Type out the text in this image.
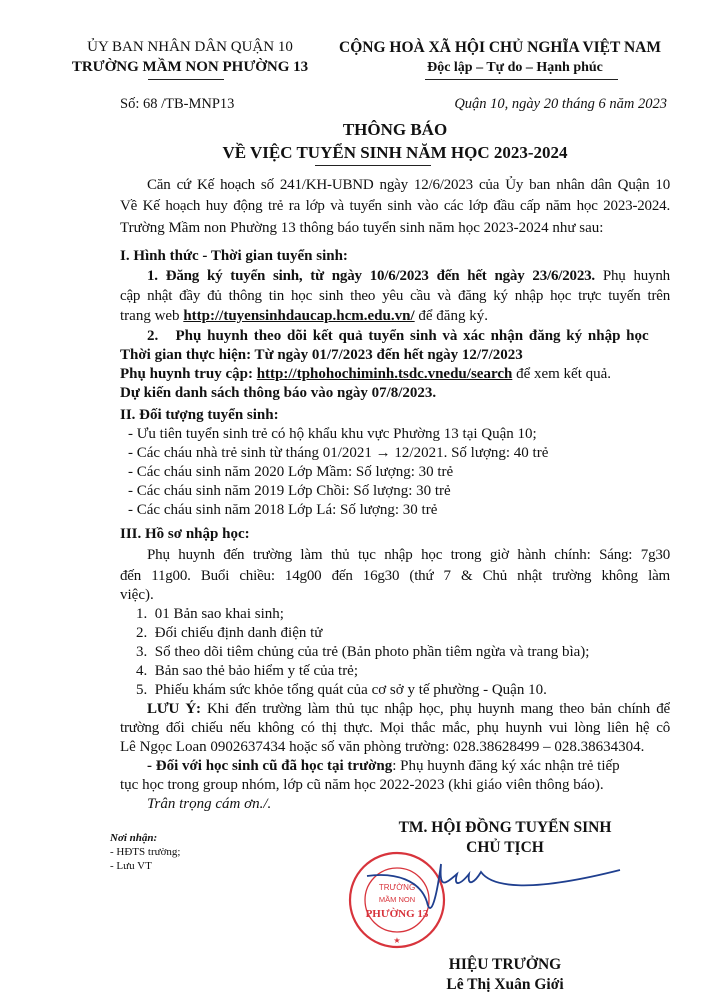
ỦY BAN NHÂN DÂN QUẬN 10
TRƯỜNG MẦM NON PHƯỜNG 13
CỘNG HOÀ XÃ HỘI CHỦ NGHĨA VIỆT NAM
Độc lập – Tự do – Hạnh phúc
Số: 68 /TB-MNP13	Quận 10, ngày 20 tháng 6 năm 2023
THÔNG BÁO
VỀ VIỆC TUYỂN SINH NĂM HỌC 2023-2024
Căn cứ Kế hoạch số 241/KH-UBND ngày 12/6/2023 của Ủy ban nhân dân Quận 10
Về Kế hoạch huy động trẻ ra lớp và tuyển sinh vào các lớp đầu cấp năm học 2023-2024.
Trường Mầm non Phường 13 thông báo tuyển sinh năm học 2023-2024 như sau:
I. Hình thức - Thời gian tuyển sinh:
1. Đăng ký tuyển sinh, từ ngày 10/6/2023 đến hết ngày 23/6/2023. Phụ huynh
cập nhật đầy đủ thông tin học sinh theo yêu cầu và đăng ký nhập học trực tuyến trên
trang web http://tuyensinhdaucap.hcm.edu.vn/ để đăng ký.
2. Phụ huynh theo dõi kết quả tuyển sinh và xác nhận đăng ký nhập học
Thời gian thực hiện: Từ ngày 01/7/2023 đến hết ngày 12/7/2023
Phụ huynh truy cập: http://tphohochiminh.tsdc.vnedu/search để xem kết quả.
Dự kiến danh sách thông báo vào ngày 07/8/2023.
II. Đối tượng tuyển sinh:
- Ưu tiên tuyển sinh trẻ có hộ khẩu khu vực Phường 13 tại Quận 10;
- Các cháu nhà trẻ sinh từ tháng 01/2021 → 12/2021. Số lượng: 40 trẻ
- Các cháu sinh năm 2020 Lớp Mầm: Số lượng: 30 trẻ
- Các cháu sinh năm 2019 Lớp Chồi: Số lượng: 30 trẻ
- Các cháu sinh năm 2018 Lớp Lá: Số lượng: 30 trẻ
III. Hồ sơ nhập học:
Phụ huynh đến trường làm thủ tục nhập học trong giờ hành chính: Sáng: 7g30
đến 11g00. Buổi chiều: 14g00 đến 16g30 (thứ 7 & Chủ nhật trường không làm
việc).
1. 01 Bản sao khai sinh;
2. Đối chiếu định danh điện tử
3. Sổ theo dõi tiêm chủng của trẻ (Bản photo phần tiêm ngừa và trang bìa);
4. Bản sao thẻ bảo hiểm y tế của trẻ;
5. Phiếu khám sức khỏe tổng quát của cơ sở y tế phường - Quận 10.
LƯU Ý: Khi đến trường làm thủ tục nhập học, phụ huynh mang theo bản chính để
trường đối chiếu nếu không có thị thực. Mọi thắc mắc, phụ huynh vui lòng liên hệ cô
Lê Ngọc Loan 0902637434 hoặc số văn phòng trường: 028.38628499 – 028.38634304.
- Đối với học sinh cũ đã học tại trường: Phụ huynh đăng ký xác nhận trẻ tiếp
tục học trong group nhóm, lớp cũ năm học 2022-2023 (khi giáo viên thông báo).
Trân trọng cám ơn./.
Nơi nhận:
- HĐTS trường;
- Lưu VT
TRƯỜNG
MẦM NON
PHƯỜNG 13
★
TM. HỘI ĐỒNG TUYỂN SINH
CHỦ TỊCH
HIỆU TRƯỞNG
Lê Thị Xuân Giới
